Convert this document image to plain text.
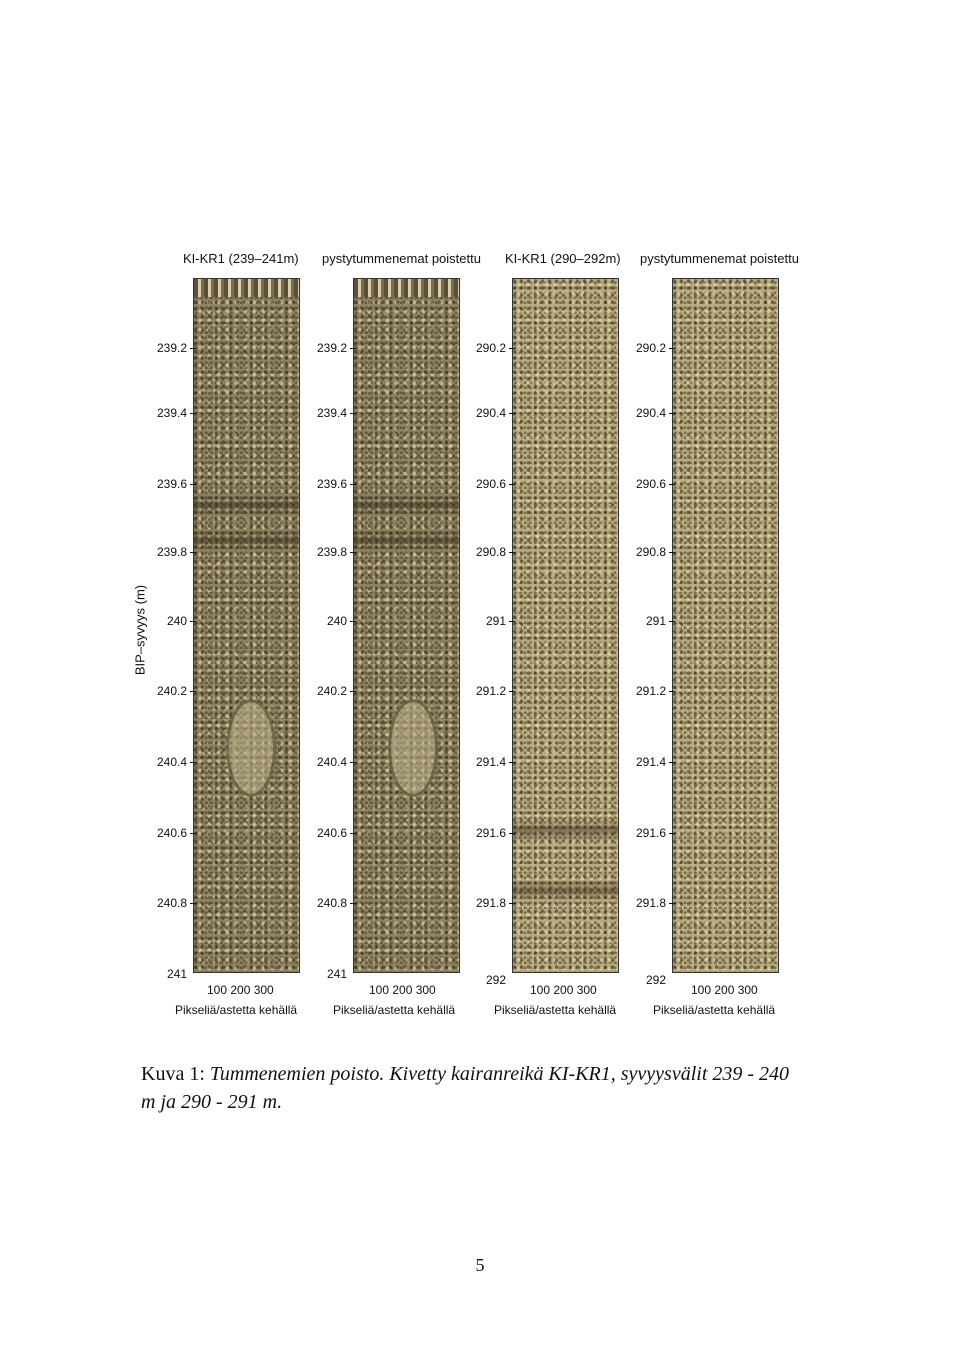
KI-KR1 (239–241m) pystytummenemat poistettu KI-KR1 (290–292m) pystytummenemat poistettu
BIP–syvyys (m)
239.2
239.4
239.6
239.8
240
240.2
240.4
240.6
240.8
241
239.2
239.4
239.6
239.8
240
240.2
240.4
240.6
240.8
241
290.2
290.4
290.6
290.8
291
291.2
291.4
291.6
291.8
292
290.2
290.4
290.6
290.8
291
291.2
291.4
291.6
291.8
292
100 200 300	100 200 300	100 200 300	100 200 300
Pikseliä/astetta kehällä	Pikseliä/astetta kehällä	Pikseliä/astetta kehällä	Pikseliä/astetta kehällä
Kuva 1: Tummenemien poisto. Kivetty kairanreikä KI-KR1, syvyysvälit 239 - 240
m ja 290 - 291 m.
5
